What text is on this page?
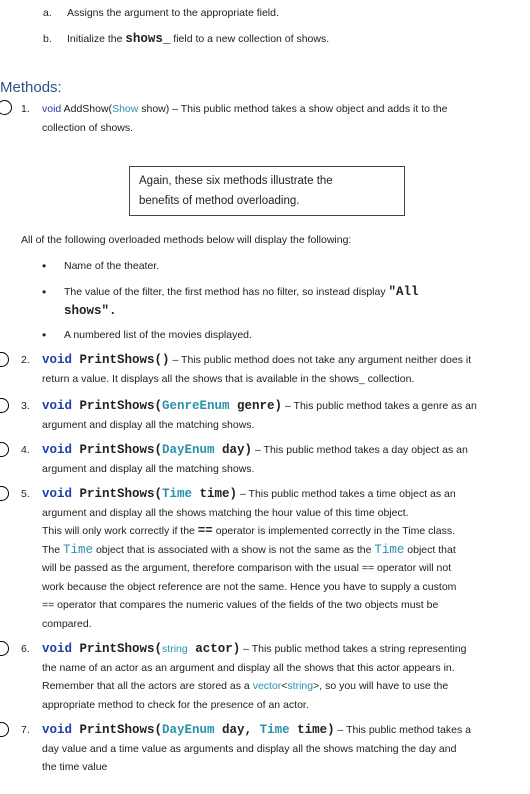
a. Assigns the argument to the appropriate field.
b. Initialize the shows_ field to a new collection of shows.
Methods:
1. void AddShow(Show show) – This public method takes a show object and adds it to the
collection of shows.
Again, these six methods illustrate the
benefits of method overloading.
All of the following overloaded methods below will display the following:
• Name of the theater.
• The value of the filter, the first method has no filter, so instead display "All
shows".
• A numbered list of the movies displayed.
2. void PrintShows() – This public method does not take any argument neither does it
return a value. It displays all the shows that is available in the shows_ collection.
3. void PrintShows(GenreEnum genre) – This public method takes a genre as an
argument and display all the matching shows.
4. void PrintShows(DayEnum day) – This public method takes a day object as an
argument and display all the matching shows.
5. void PrintShows(Time time) – This public method takes a time object as an
argument and display all the shows matching the hour value of this time object.
This will only work correctly if the == operator is implemented correctly in the Time class.
The Time object that is associated with a show is not the same as the Time object that
will be passed as the argument, therefore comparison with the usual == operator will not
work because the object reference are not the same. Hence you have to supply a custom
== operator that compares the numeric values of the fields of the two objects must be
compared.
6. void PrintShows(string actor) – This public method takes a string representing
the name of an actor as an argument and display all the shows that this actor appears in.
Remember that all the actors are stored as a vector<string>, so you will have to use the
appropriate method to check for the presence of an actor.
7. void PrintShows(DayEnum day, Time time) – This public method takes a
day value and a time value as arguments and display all the shows matching the day and
the time value
